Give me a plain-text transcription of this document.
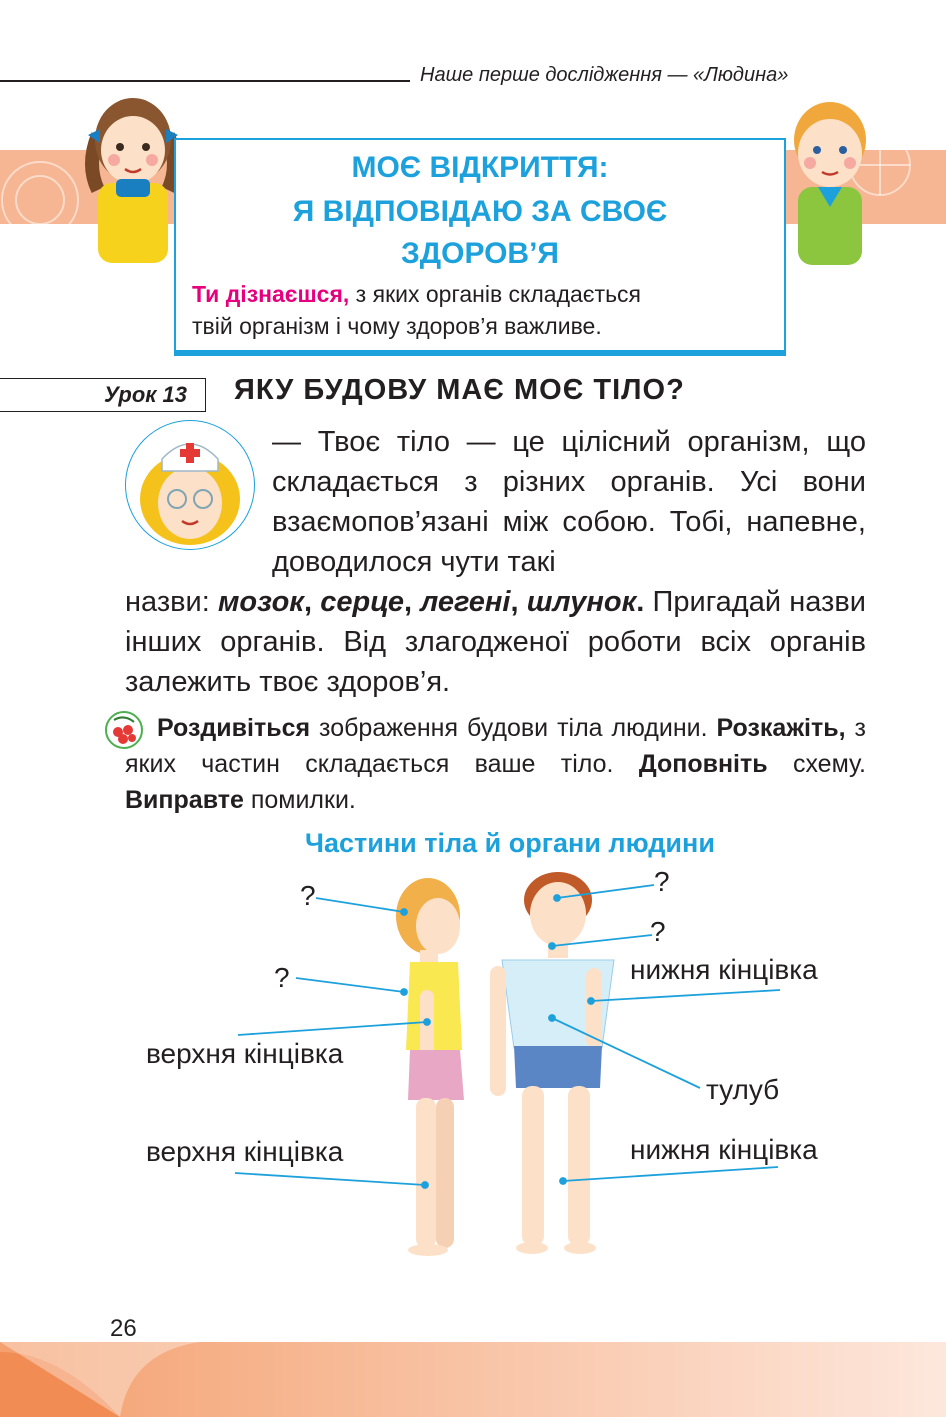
Наше перше дослідження — «Людина»
МОЄ ВІДКРИТТЯ:
Я ВІДПОВІДАЮ ЗА СВОЄ
ЗДОРОВ’Я
Ти дізнаєшся, з яких органів складається
твій організм і чому здоров’я важливе.
Урок 13 ЯКУ БУДОВУ МАЄ МОЄ ТІЛО?
— Твоє тіло — це цілісний організм, що складається з різних органів. Усі вони взаємопов’язані між собою. Тобі, напевне, доводилося чути такі
назви: мозок, серце, легені, шлунок. Пригадай назви інших органів. Від злагодженої роботи всіх органів залежить твоє здоров’я.
Роздивіться зображення будови тіла людини. Розкажіть, з яких частин складається ваше тіло. Доповніть схему. Виправте помилки.
Частини тіла й органи людини
?
?
верхня кінцівка
верхня кінцівка
?
?
нижня кінцівка
тулуб
нижня кінцівка
26
